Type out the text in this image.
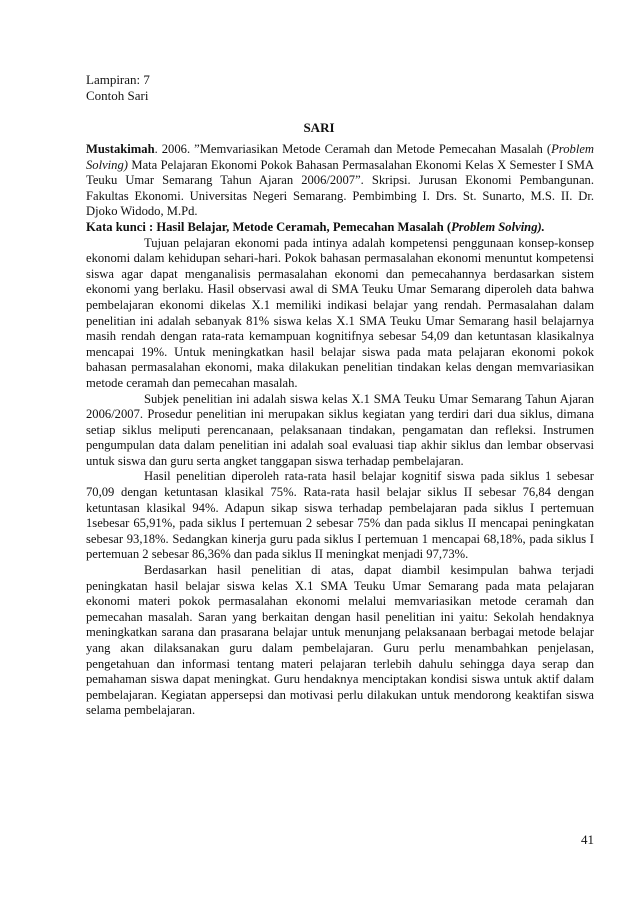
Lampiran: 7
Contoh Sari
SARI

Mustakimah. 2006. ”Memvariasikan Metode Ceramah dan Metode Pemecahan Masalah (Problem Solving) Mata Pelajaran Ekonomi Pokok Bahasan Permasalahan Ekonomi Kelas X Semester I SMA Teuku Umar Semarang Tahun Ajaran 2006/2007”. Skripsi. Jurusan Ekonomi Pembangunan. Fakultas Ekonomi. Universitas Negeri Semarang. Pembimbing I. Drs. St. Sunarto, M.S. II. Dr. Djoko Widodo, M.Pd.

Kata kunci : Hasil Belajar, Metode Ceramah, Pemecahan Masalah (Problem Solving).

Tujuan pelajaran ekonomi pada intinya adalah kompetensi penggunaan konsep-konsep ekonomi dalam kehidupan sehari-hari. Pokok bahasan permasalahan ekonomi menuntut kompetensi siswa agar dapat menganalisis permasalahan ekonomi dan pemecahannya berdasarkan sistem ekonomi yang berlaku. Hasil observasi awal di SMA Teuku Umar Semarang diperoleh data bahwa pembelajaran ekonomi dikelas X.1 memiliki indikasi belajar yang rendah. Permasalahan dalam penelitian ini adalah sebanyak 81% siswa kelas X.1 SMA Teuku Umar Semarang hasil belajarnya masih rendah dengan rata-rata kemampuan kognitifnya sebesar 54,09 dan ketuntasan klasikalnya mencapai 19%. Untuk meningkatkan hasil belajar siswa pada mata pelajaran ekonomi pokok bahasan permasalahan ekonomi, maka dilakukan penelitian tindakan kelas dengan memvariasikan metode ceramah dan pemecahan masalah.

Subjek penelitian ini adalah siswa kelas X.1 SMA Teuku Umar Semarang Tahun Ajaran 2006/2007. Prosedur penelitian ini merupakan siklus kegiatan yang terdiri dari dua siklus, dimana setiap siklus meliputi perencanaan, pelaksanaan tindakan, pengamatan dan refleksi. Instrumen pengumpulan data dalam penelitian ini adalah soal evaluasi tiap akhir siklus dan lembar observasi untuk siswa dan guru serta angket tanggapan siswa terhadap pembelajaran.

Hasil penelitian diperoleh rata-rata hasil belajar kognitif siswa pada siklus 1 sebesar 70,09 dengan ketuntasan klasikal 75%. Rata-rata hasil belajar siklus II sebesar 76,84 dengan ketuntasan klasikal 94%. Adapun sikap siswa terhadap pembelajaran pada siklus I pertemuan 1sebesar 65,91%, pada siklus I pertemuan 2 sebesar 75% dan pada siklus II mencapai peningkatan sebesar 93,18%. Sedangkan kinerja guru pada siklus I pertemuan 1 mencapai 68,18%, pada siklus I pertemuan 2 sebesar 86,36% dan pada siklus II meningkat menjadi 97,73%.

Berdasarkan hasil penelitian di atas, dapat diambil kesimpulan bahwa terjadi peningkatan hasil belajar siswa kelas X.1 SMA Teuku Umar Semarang pada mata pelajaran ekonomi materi pokok permasalahan ekonomi melalui memvariasikan metode ceramah dan pemecahan masalah. Saran yang berkaitan dengan hasil penelitian ini yaitu: Sekolah hendaknya meningkatkan sarana dan prasarana belajar untuk menunjang pelaksanaan berbagai metode belajar yang akan dilaksanakan guru dalam pembelajaran. Guru perlu menambahkan penjelasan, pengetahuan dan informasi tentang materi pelajaran terlebih dahulu sehingga daya serap dan pemahaman siswa dapat meningkat. Guru hendaknya menciptakan kondisi siswa untuk aktif dalam pembelajaran. Kegiatan appersepsi dan motivasi perlu dilakukan untuk mendorong keaktifan siswa selama pembelajaran.

41
